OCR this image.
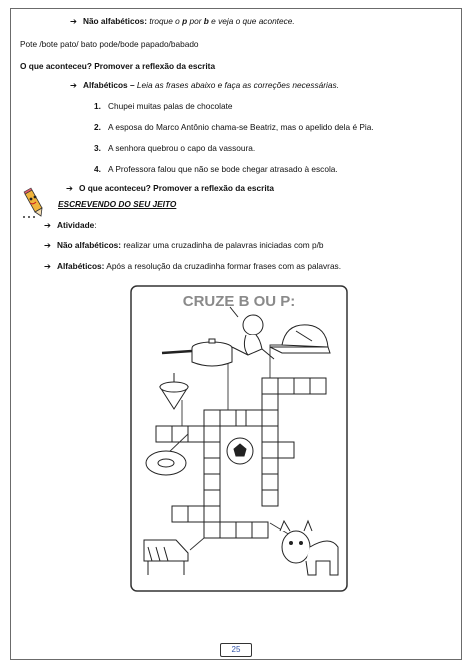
➔ Não alfabéticos: troque o p por b e veja o que acontece.
Pote /bote pato/ bato pode/bode papado/babado
O que aconteceu? Promover a reflexão da escrita
➔ Alfabéticos – Leia as frases abaixo e faça as correções necessárias.
1. Chupei muitas palas de chocolate
2. A esposa do Marco Antônio chama-se Beatriz, mas o apelido dela é Pia.
3. A senhora quebrou o capo da vassoura.
4. A Professora falou que não se bode chegar atrasado à escola.
➔ O que aconteceu? Promover a reflexão da escrita
ESCREVENDO DO SEU JEITO
➔ Atividade:
➔ Não alfabéticos: realizar uma cruzadinha de palavras iniciadas com p/b
➔ Alfabéticos: Após a resolução da cruzadinha formar frases com as palavras.
CRUZE B OU P:
25
